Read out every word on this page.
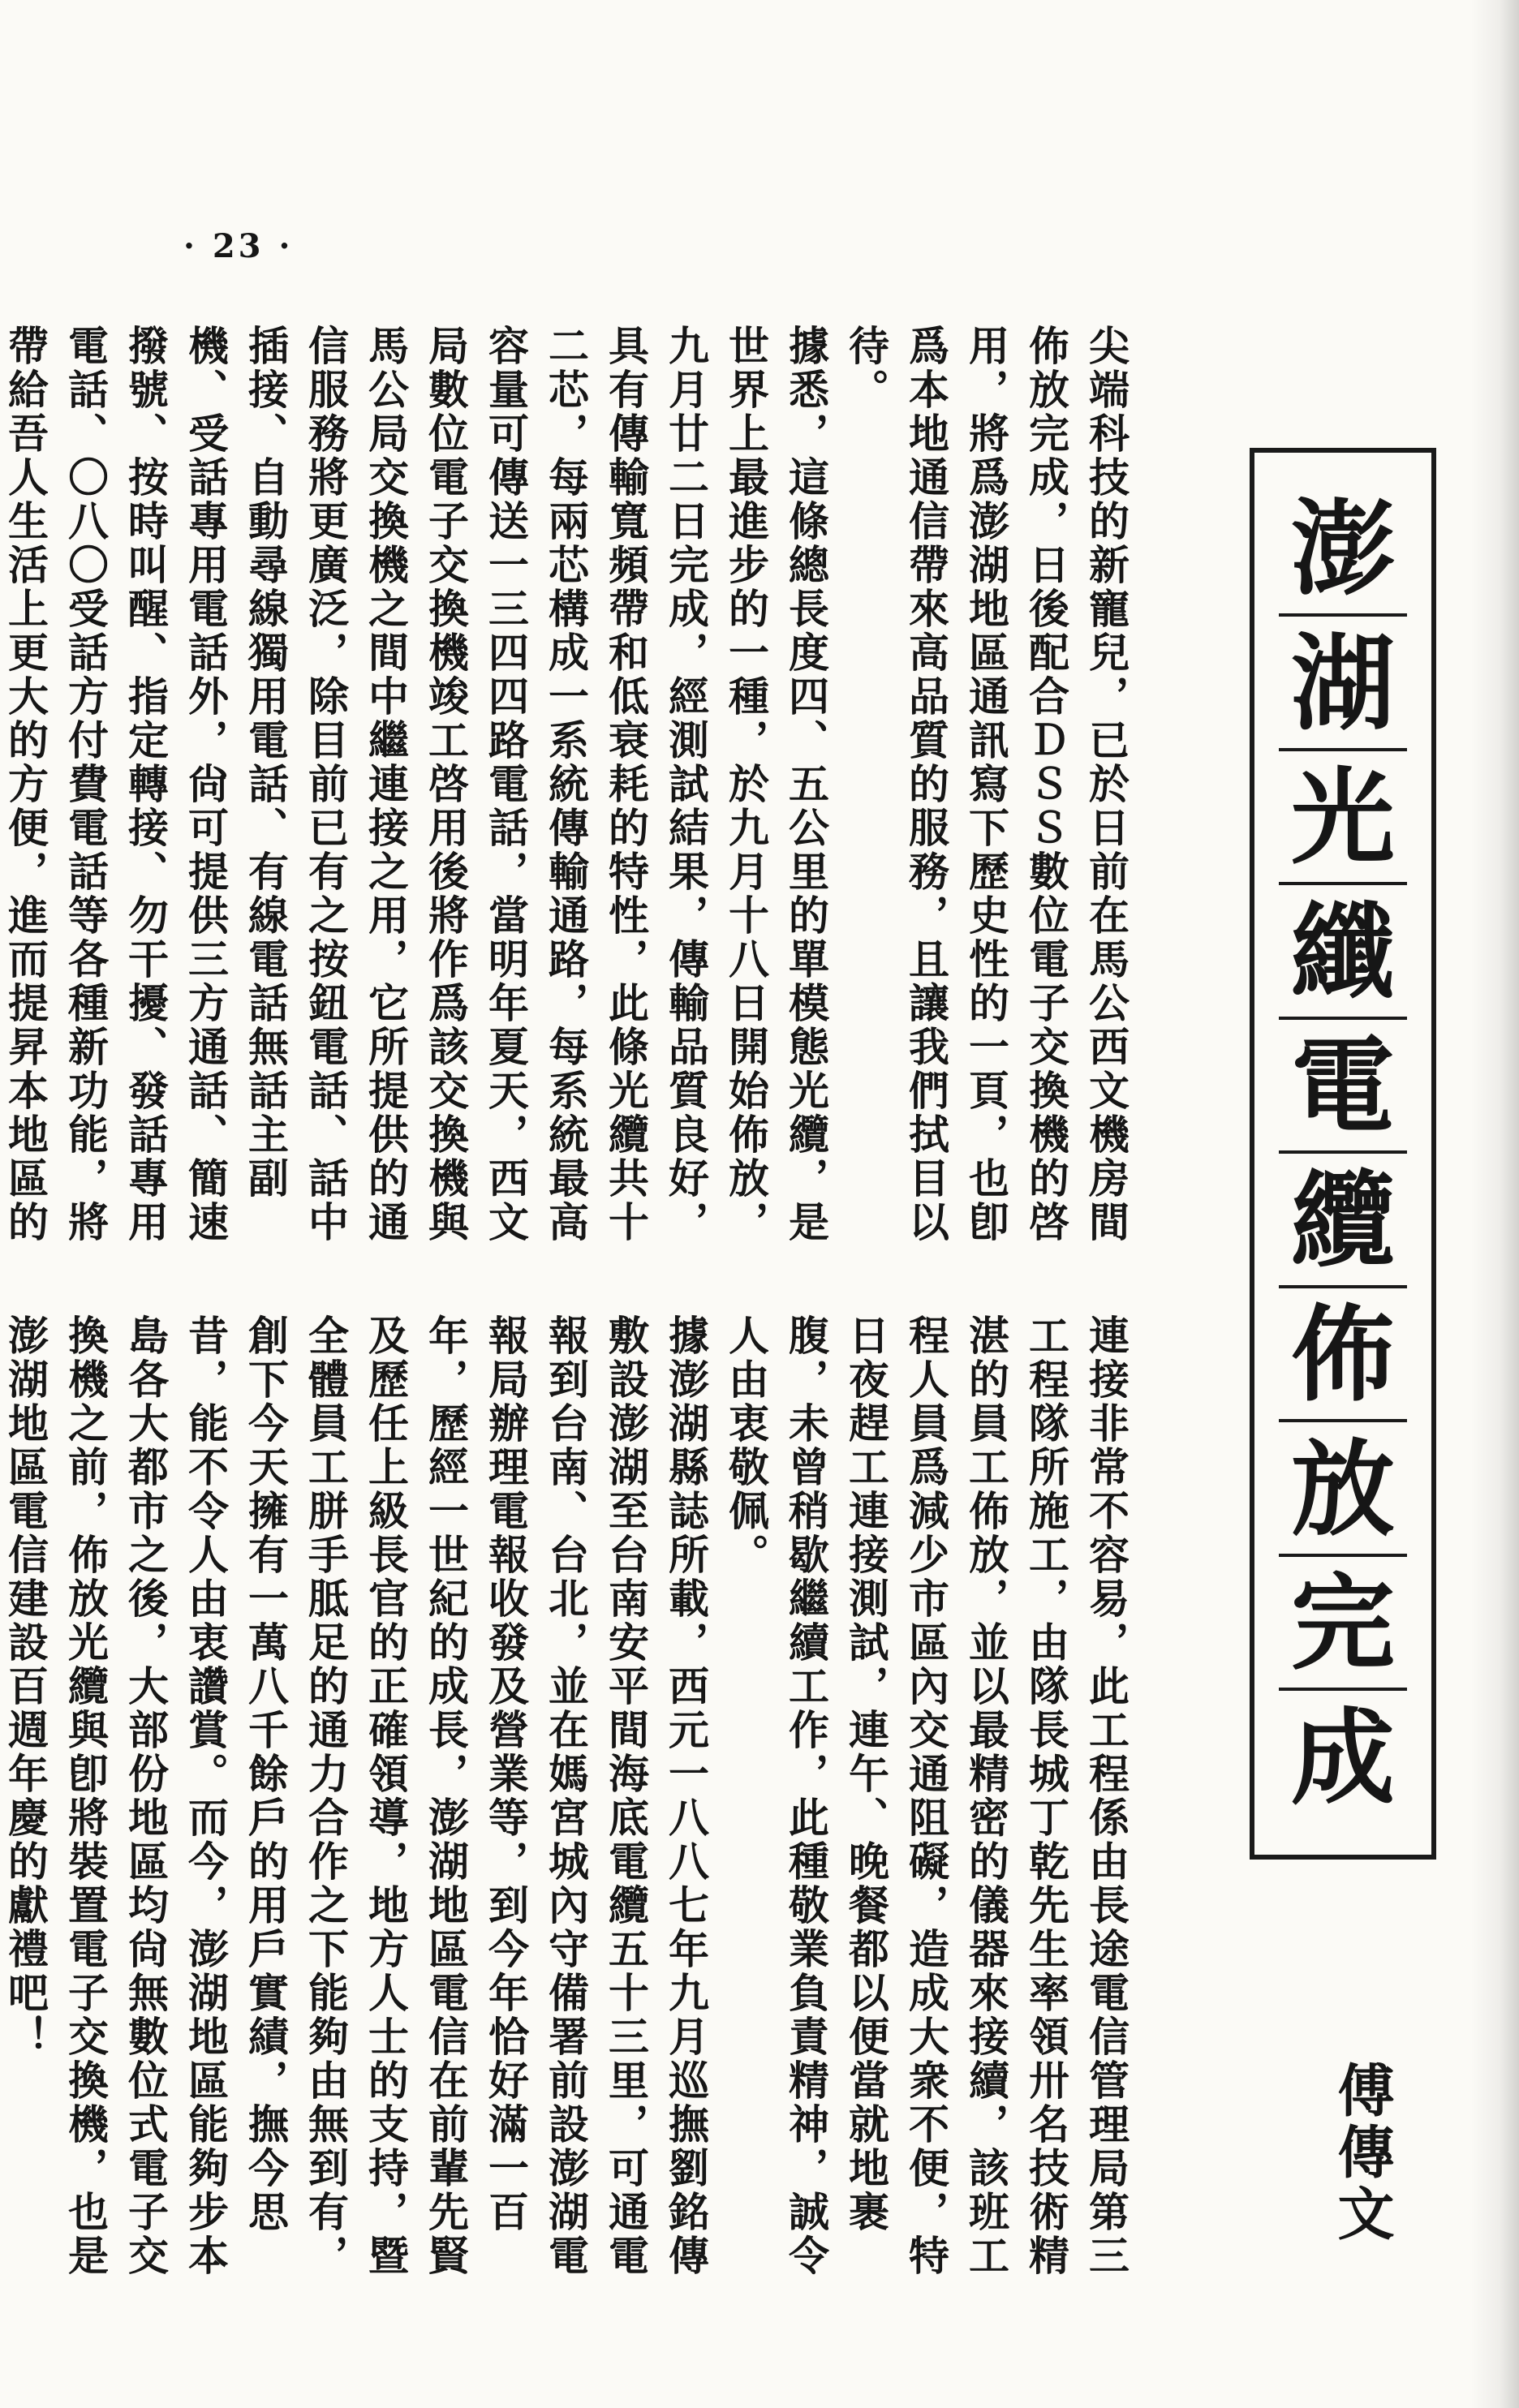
· 23 ·

尖端科技的新寵兒，已於日前在馬公西文機房間佈放完成，日後配合ＤＳＳ數位電子交換機的啓用，將爲澎湖地區通訊寫下歷史性的一頁，也卽爲本地通信帶來高品質的服務，且讓我們拭目以待。

據悉，這條總長度四、五公里的單模態光纜，是世界上最進步的一種，於九月十八日開始佈放，九月廿二日完成，經測試結果，傳輸品質良好，具有傳輸寬頻帶和低衰耗的特性，此條光纜共十二芯，每兩芯構成一系統傳輸通路，每系統最高容量可傳送一三四四路電話，當明年夏天，西文局數位電子交換機竣工啓用後將作爲該交換機與馬公局交換機之間中繼連接之用，它所提供的通信服務將更廣泛，除目前已有之按鈕電話、話中插接、自動尋線獨用電話、有線電話無話主副機、受話專用電話外，尙可提供三方通話、簡速撥號、按時叫醒、指定轉接、勿干擾、發話專用電話、〇八〇受話方付費電話等各種新功能，將帶給吾人生活上更大的方便，進而提昇本地區的

連接非常不容易，此工程係由長途電信管理局第三工程隊所施工，由隊長城丁乾先生率領卅名技術精湛的員工佈放，並以最精密的儀器來接續，該班工程人員爲減少市區內交通阻礙，造成大衆不便，特日夜趕工連接測試，連午、晚餐都以便當就地裹腹，未曾稍歇繼續工作，此種敬業負責精神，誠令人由衷敬佩。

據澎湖縣誌所載，西元一八八七年九月巡撫劉銘傳敷設澎湖至台南安平間海底電纜五十三里，可通電報到台南、台北，並在媽宮城內守備署前設澎湖電報局辦理電報收發及營業等，到今年恰好滿一百年，歷經一世紀的成長，澎湖地區電信在前輩先賢及歷任上級長官的正確領導，地方人士的支持，暨全體員工胼手胝足的通力合作之下能夠由無到有，創下今天擁有一萬八千餘戶的用戶實績，撫今思昔，能不令人由衷讚賞。而今，澎湖地區能夠步本島各大都市之後，大部份地區均尙無數位式電子交換機之前，佈放光纜與卽將裝置電子交換機，也是澎湖地區電信建設百週年慶的獻禮吧！

澎
湖
光
纖
電
纜
佈
放
完
成
傅傳文
